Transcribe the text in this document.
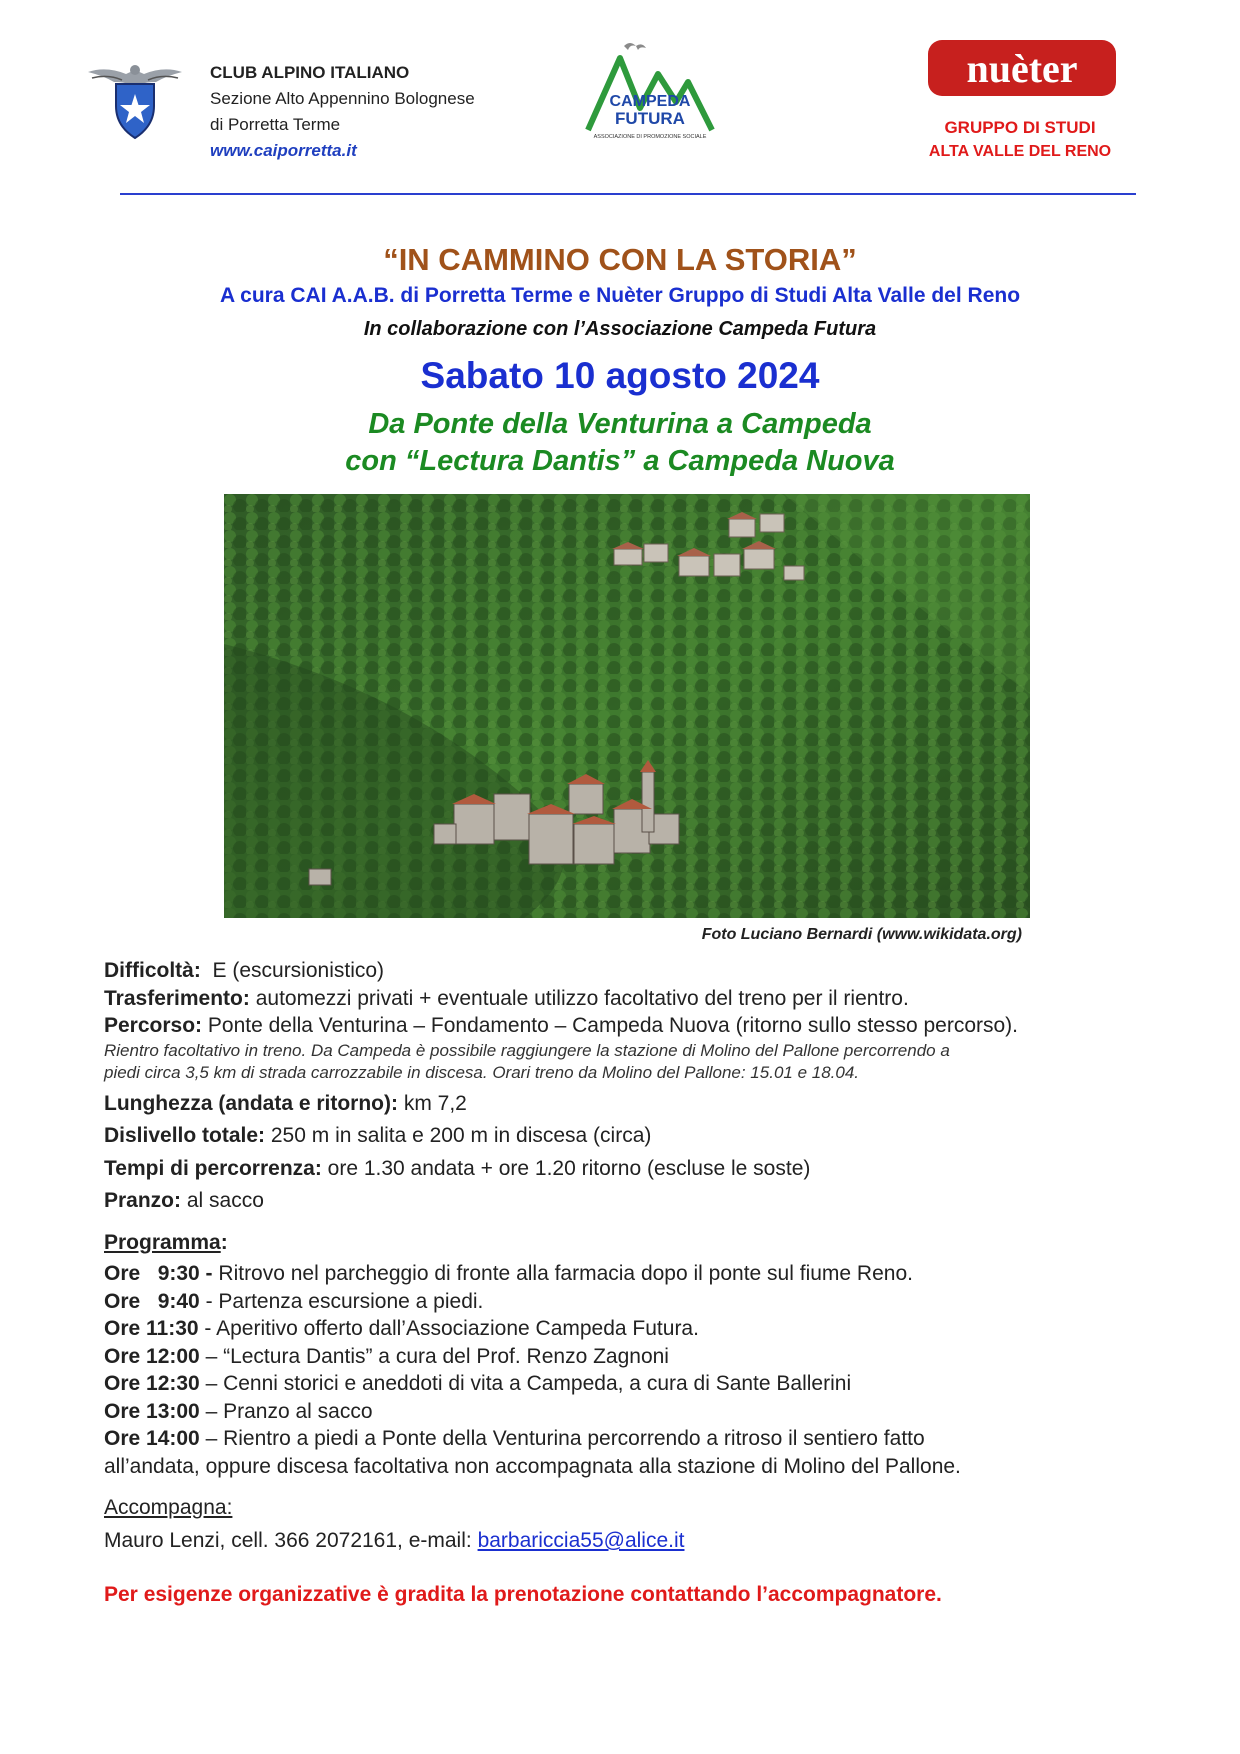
CLUB ALPINO ITALIANO
Sezione Alto Appennino Bolognese
di Porretta Terme
www.caiporretta.it
CAMPEDA
FUTURA
ASSOCIAZIONE DI PROMOZIONE SOCIALE
nuèter
GRUPPO DI STUDI
ALTA VALLE DEL RENO
“IN CAMMINO CON LA STORIA”
A cura CAI A.A.B. di Porretta Terme e Nuèter Gruppo di Studi Alta Valle del Reno
In collaborazione con l’Associazione Campeda Futura
Sabato 10 agosto 2024
Da Ponte della Venturina a Campeda
con “Lectura Dantis” a Campeda Nuova
Foto Luciano Bernardi (www.wikidata.org)
Difficoltà:  E (escursionistico)
Trasferimento: automezzi privati + eventuale utilizzo facoltativo del treno per il rientro.
Percorso: Ponte della Venturina – Fondamento – Campeda Nuova (ritorno sullo stesso percorso).
Rientro facoltativo in treno. Da Campeda è possibile raggiungere la stazione di Molino del Pallone percorrendo a
piedi circa 3,5 km di strada carrozzabile in discesa. Orari treno da Molino del Pallone: 15.01 e 18.04.
Lunghezza (andata e ritorno): km 7,2
Dislivello totale: 250 m in salita e 200 m in discesa (circa)
Tempi di percorrenza: ore 1.30 andata + ore 1.20 ritorno (escluse le soste)
Pranzo: al sacco
Programma:
Ore   9:30 - Ritrovo nel parcheggio di fronte alla farmacia dopo il ponte sul fiume Reno.
Ore   9:40 - Partenza escursione a piedi.
Ore 11:30 - Aperitivo offerto dall’Associazione Campeda Futura.
Ore 12:00 – “Lectura Dantis” a cura del Prof. Renzo Zagnoni
Ore 12:30 – Cenni storici e aneddoti di vita a Campeda, a cura di Sante Ballerini
Ore 13:00 – Pranzo al sacco
Ore 14:00 – Rientro a piedi a Ponte della Venturina percorrendo a ritroso il sentiero fatto
all’andata, oppure discesa facoltativa non accompagnata alla stazione di Molino del Pallone.
Accompagna:
Mauro Lenzi, cell. 366 2072161, e-mail: barbariccia55@alice.it
Per esigenze organizzative è gradita la prenotazione contattando l’accompagnatore.
